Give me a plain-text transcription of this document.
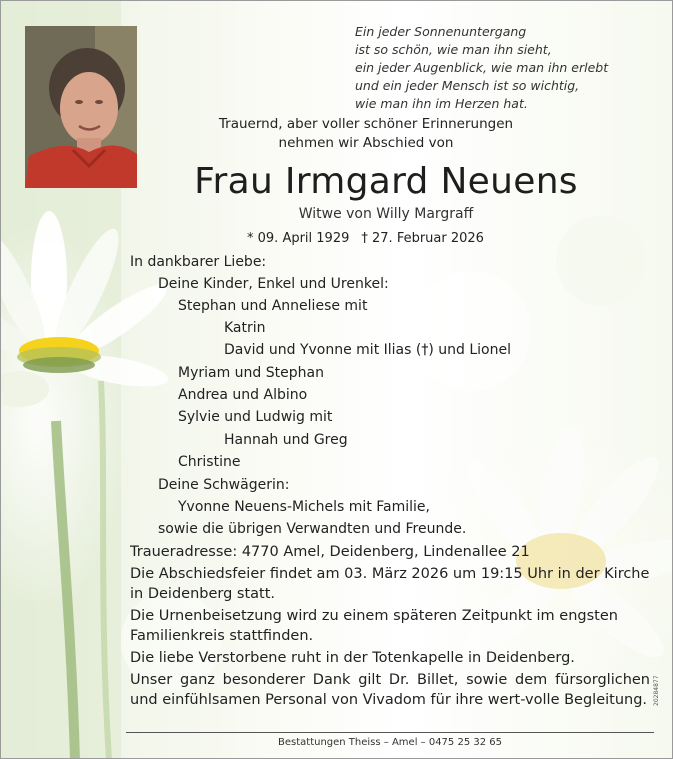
Ein jeder Sonnenuntergang
ist so schön, wie man ihn sieht,
ein jeder Augenblick, wie man ihn erlebt
und ein jeder Mensch ist so wichtig,
wie man ihn im Herzen hat.
Trauernd, aber voller schöner Erinnerungen
nehmen wir Abschied von
Frau Irmgard Neuens
Witwe von Willy Margraff
* 09. April 1929 † 27. Februar 2026
In dankbarer Liebe:
Deine Kinder, Enkel und Urenkel:
Stephan und Anneliese mit
Katrin
David und Yvonne mit Ilias (†) und Lionel
Myriam und Stephan
Andrea und Albino
Sylvie und Ludwig mit
Hannah und Greg
Christine
Deine Schwägerin:
Yvonne Neuens-Michels mit Familie,
sowie die übrigen Verwandten und Freunde.
Traueradresse: 4770 Amel, Deidenberg, Lindenallee 21
Die Abschiedsfeier findet am 03. März 2026 um 19:15 Uhr in der Kirche in Deidenberg statt.
Die Urnenbeisetzung wird zu einem späteren Zeitpunkt im engsten Familienkreis stattfinden.
Die liebe Verstorbene ruht in der Totenkapelle in Deidenberg.
Unser ganz besonderer Dank gilt Dr. Billet, sowie dem fürsorglichen und einfühlsamen Personal von Vivadom für ihre wert-volle Begleitung.
Bestattungen Theiss – Amel – 0475 25 32 65
20284877
